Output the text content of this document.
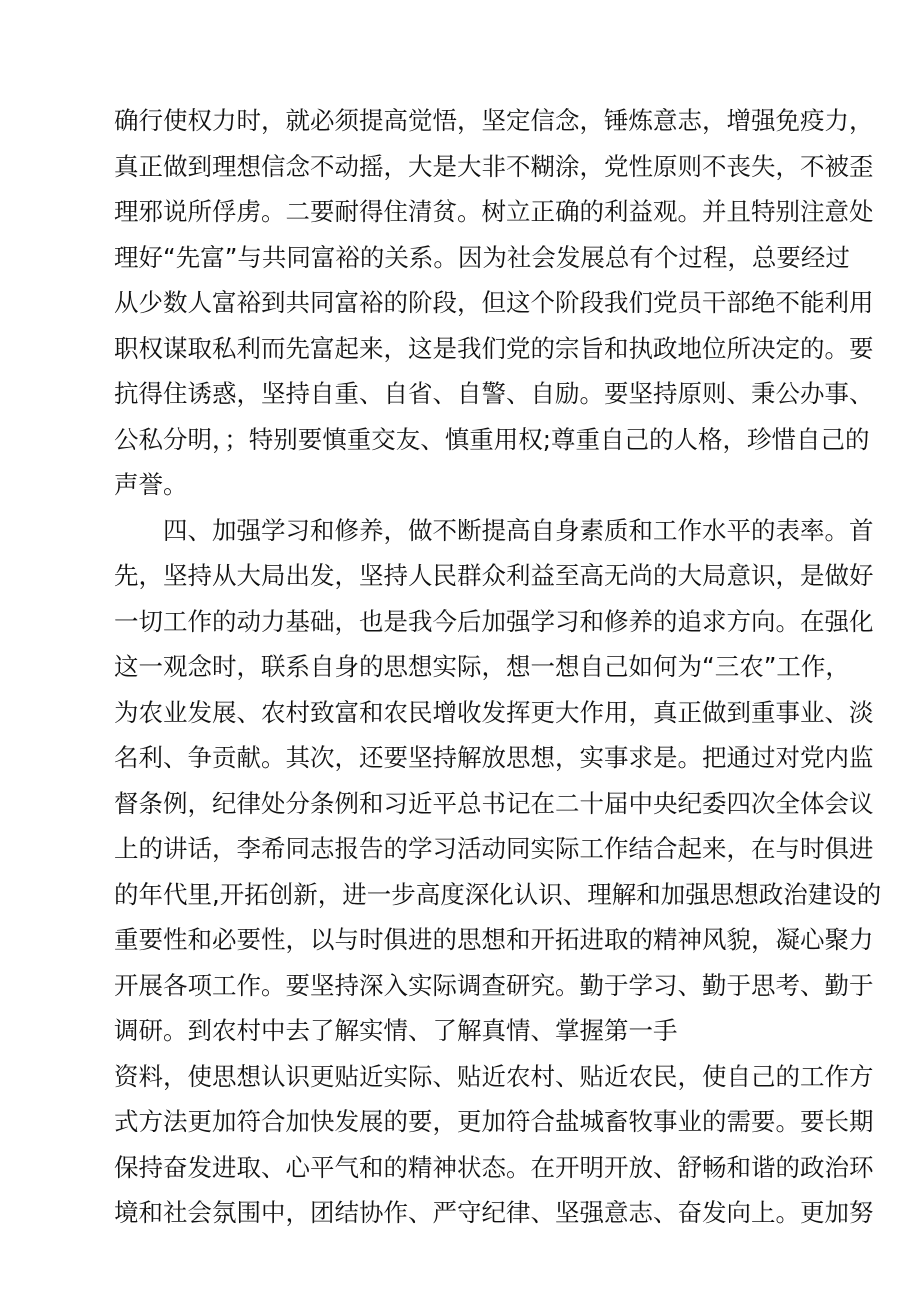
确行使权力时，就必须提高觉悟，坚定信念，锤炼意志，增强免疫力，
真正做到理想信念不动摇，大是大非不糊涂，党性原则不丧失，不被歪
理邪说所俘虏。二要耐得住清贫。树立正确的利益观。并且特别注意处
理好“先富”与共同富裕的关系。因为社会发展总有个过程，总要经过
从少数人富裕到共同富裕的阶段，但这个阶段我们党员干部绝不能利用
职权谋取私利而先富起来，这是我们党的宗旨和执政地位所决定的。要
抗得住诱惑，坚持自重、自省、自警、自励。要坚持原则、秉公办事、
公私分明，；特别要慎重交友、慎重用权;尊重自己的人格，珍惜自己的
声誉。
　　四、加强学习和修养，做不断提高自身素质和工作水平的表率。首
先，坚持从大局出发，坚持人民群众利益至高无尚的大局意识，是做好
一切工作的动力基础，也是我今后加强学习和修养的追求方向。在强化
这一观念时，联系自身的思想实际，想一想自己如何为“三农”工作，
为农业发展、农村致富和农民增收发挥更大作用，真正做到重事业、淡
名利、争贡献。其次，还要坚持解放思想，实事求是。把通过对党内监
督条例，纪律处分条例和习近平总书记在二十届中央纪委四次全体会议
上的讲话，李希同志报告的学习活动同实际工作结合起来，在与时俱进
的年代里,开拓创新，进一步高度深化认识、理解和加强思想政治建设的
重要性和必要性，以与时俱进的思想和开拓进取的精神风貌，凝心聚力
开展各项工作。要坚持深入实际调查研究。勤于学习、勤于思考、勤于
调研。到农村中去了解实情、了解真情、掌握第一手
资料，使思想认识更贴近实际、贴近农村、贴近农民，使自己的工作方
式方法更加符合加快发展的要，更加符合盐城畜牧事业的需要。要长期
保持奋发进取、心平气和的精神状态。在开明开放、舒畅和谐的政治环
境和社会氛围中，团结协作、严守纪律、坚强意志、奋发向上。更加努
